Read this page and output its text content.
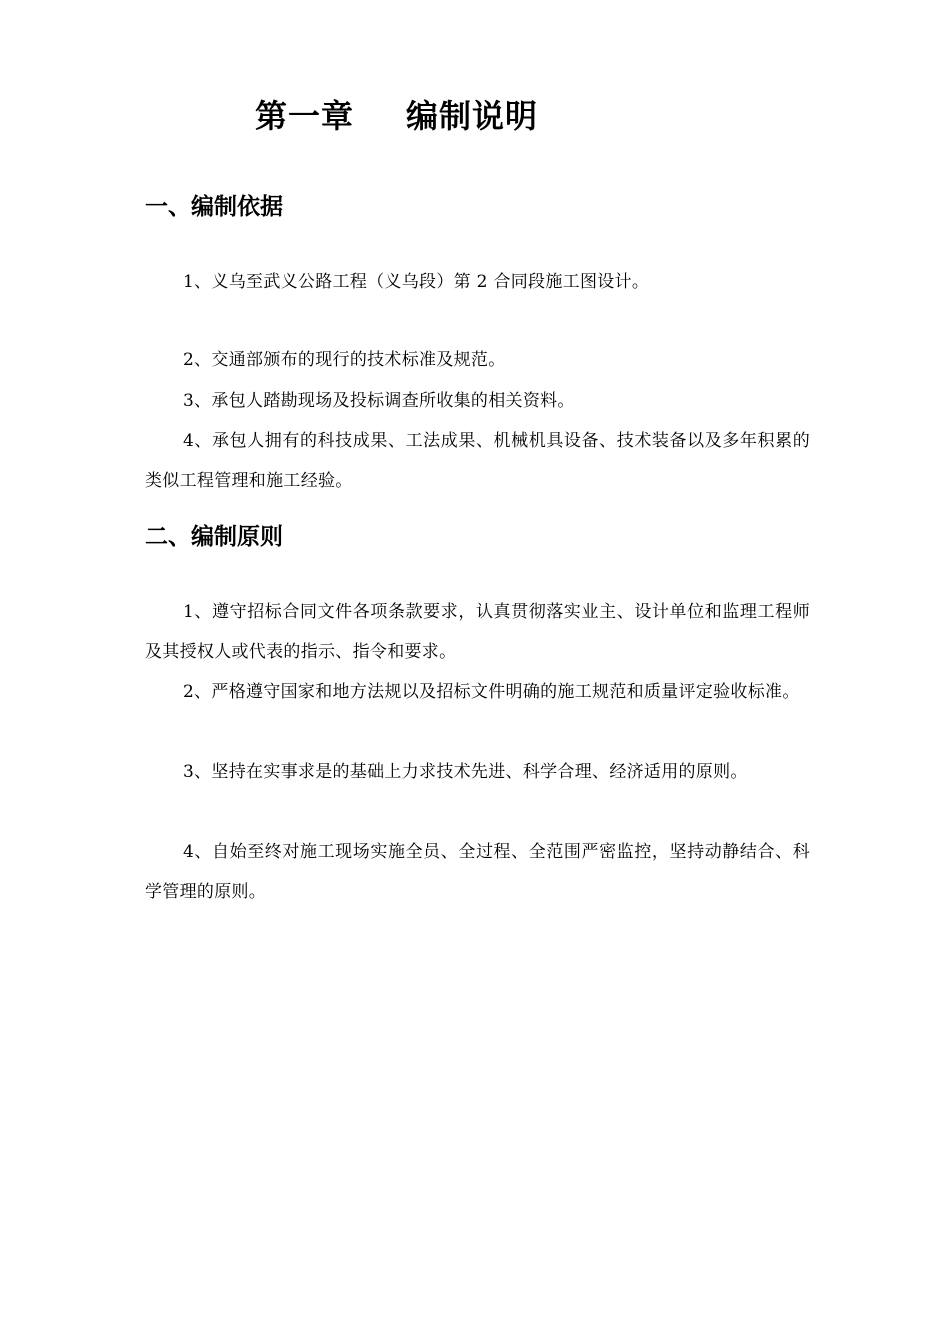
第一章 编制说明
一、编制依据
1、义乌至武义公路工程（义乌段）第 2 合同段施工图设计。
2、交通部颁布的现行的技术标准及规范。
3、承包人踏勘现场及投标调查所收集的相关资料。
4、承包人拥有的科技成果、工法成果、机械机具设备、技术装备以及多年积累的类似工程管理和施工经验。
二、编制原则
1、遵守招标合同文件各项条款要求，认真贯彻落实业主、设计单位和监理工程师及其授权人或代表的指示、指令和要求。
2、严格遵守国家和地方法规以及招标文件明确的施工规范和质量评定验收标准。
3、坚持在实事求是的基础上力求技术先进、科学合理、经济适用的原则。
4、自始至终对施工现场实施全员、全过程、全范围严密监控，坚持动静结合、科学管理的原则。
